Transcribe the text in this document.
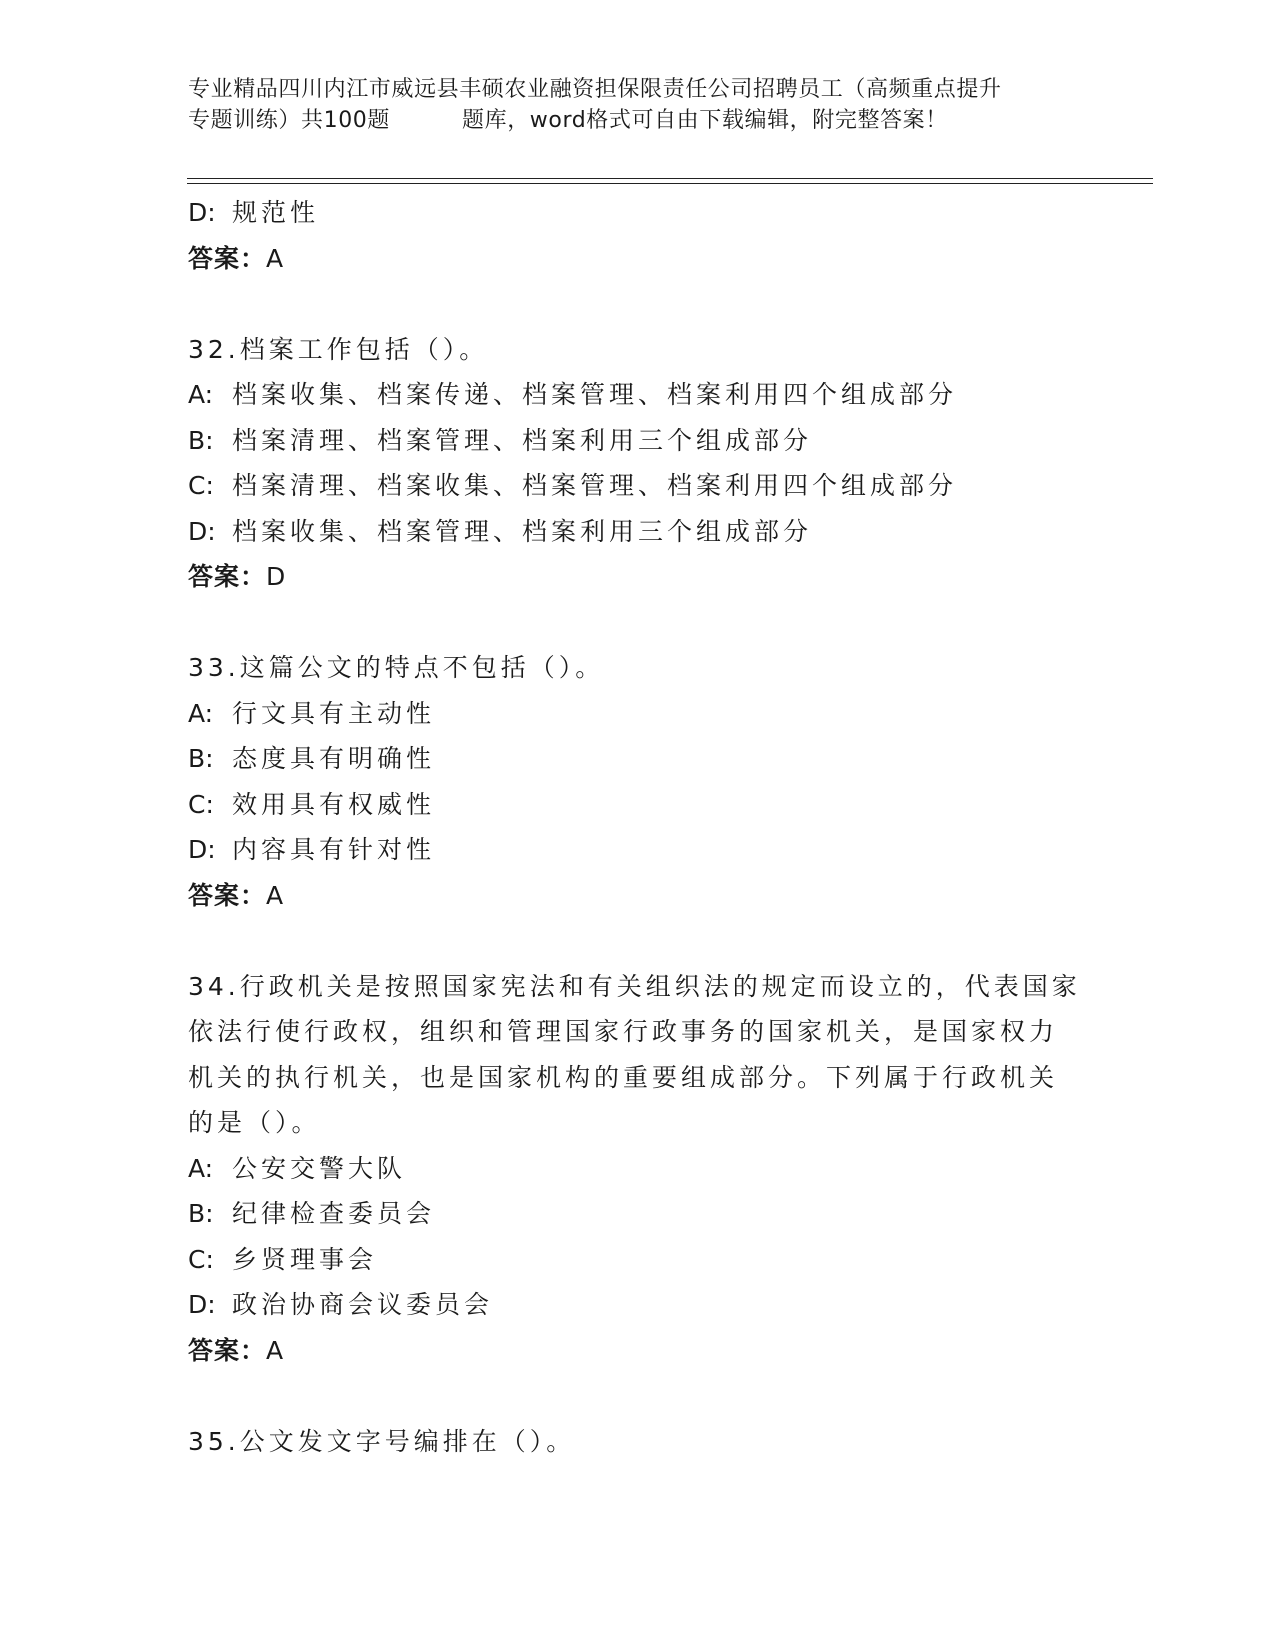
专业精品四川内江市威远县丰硕农业融资担保限责任公司招聘员工（高频重点提升
专题训练）共100题	题库，word格式可自由下载编辑，附完整答案！
D: 规范性
答案：A
32.档案工作包括（）。
A: 档案收集、档案传递、档案管理、档案利用四个组成部分
B: 档案清理、档案管理、档案利用三个组成部分
C: 档案清理、档案收集、档案管理、档案利用四个组成部分
D: 档案收集、档案管理、档案利用三个组成部分
答案：D
33.这篇公文的特点不包括（）。
A: 行文具有主动性
B: 态度具有明确性
C: 效用具有权威性
D: 内容具有针对性
答案：A
34.行政机关是按照国家宪法和有关组织法的规定而设立的，代表国家
依法行使行政权，组织和管理国家行政事务的国家机关，是国家权力
机关的执行机关，也是国家机构的重要组成部分。下列属于行政机关
的是（）。
A: 公安交警大队
B: 纪律检查委员会
C: 乡贤理事会
D: 政治协商会议委员会
答案：A
35.公文发文字号编排在（）。
